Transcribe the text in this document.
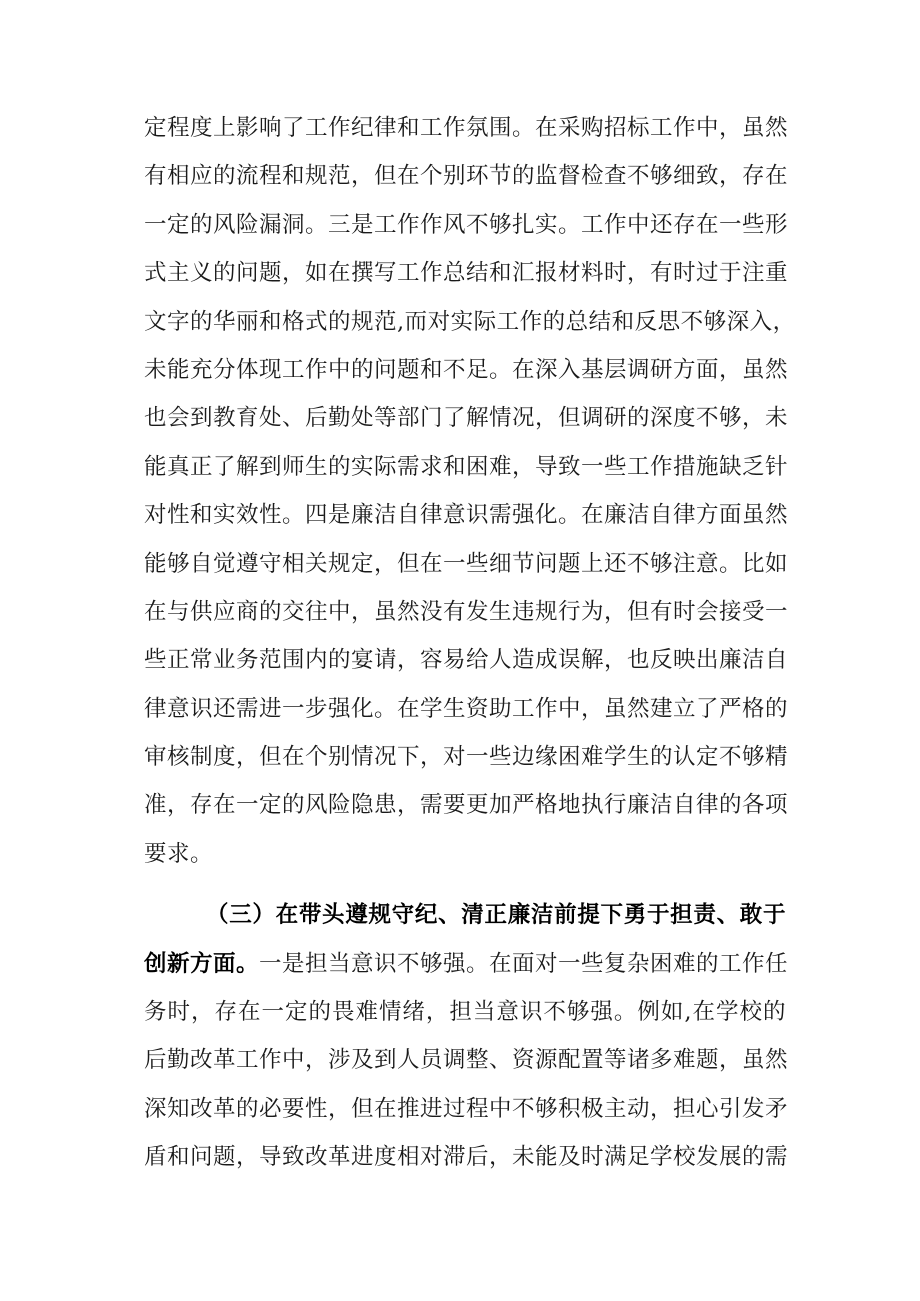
定程度上影响了工作纪律和工作氛围。在采购招标工作中，虽然
有相应的流程和规范，但在个别环节的监督检查不够细致，存在
一定的风险漏洞。三是工作作风不够扎实。工作中还存在一些形
式主义的问题，如在撰写工作总结和汇报材料时，有时过于注重
文字的华丽和格式的规范,而对实际工作的总结和反思不够深入，
未能充分体现工作中的问题和不足。在深入基层调研方面，虽然
也会到教育处、后勤处等部门了解情况，但调研的深度不够，未
能真正了解到师生的实际需求和困难，导致一些工作措施缺乏针
对性和实效性。四是廉洁自律意识需强化。在廉洁自律方面虽然
能够自觉遵守相关规定，但在一些细节问题上还不够注意。比如
在与供应商的交往中，虽然没有发生违规行为，但有时会接受一
些正常业务范围内的宴请，容易给人造成误解，也反映出廉洁自
律意识还需进一步强化。在学生资助工作中，虽然建立了严格的
审核制度，但在个别情况下，对一些边缘困难学生的认定不够精
准，存在一定的风险隐患，需要更加严格地执行廉洁自律的各项
要求。
（三）在带头遵规守纪、清正廉洁前提下勇于担责、敢于
创新方面。一是担当意识不够强。在面对一些复杂困难的工作任
务时，存在一定的畏难情绪，担当意识不够强。例如,在学校的
后勤改革工作中，涉及到人员调整、资源配置等诸多难题，虽然
深知改革的必要性，但在推进过程中不够积极主动，担心引发矛
盾和问题，导致改革进度相对滞后，未能及时满足学校发展的需
